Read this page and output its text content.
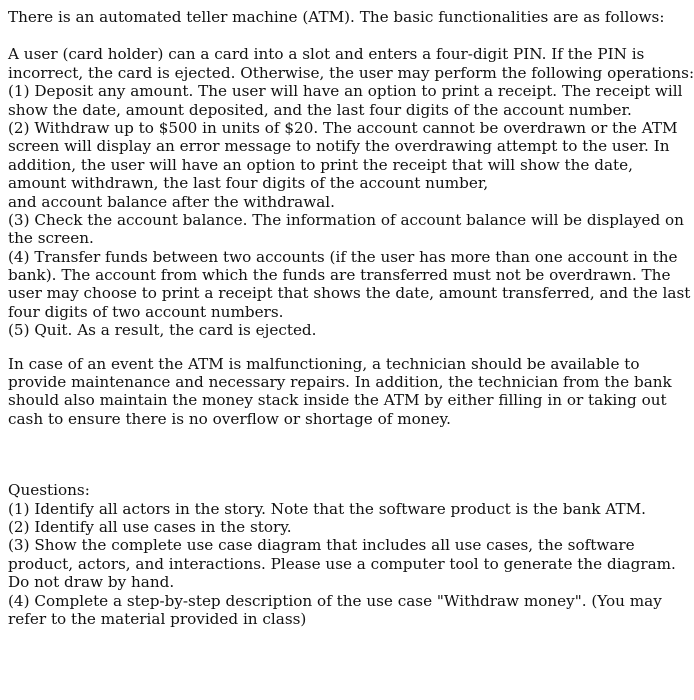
There is an automated teller machine (ATM). The basic functionalities are as follows:
A user (card holder) can a card into a slot and enters a four-digit PIN. If the PIN is
incorrect, the card is ejected. Otherwise, the user may perform the following operations:
(1) Deposit any amount. The user will have an option to print a receipt. The receipt will
show the date, amount deposited, and the last four digits of the account number.
(2) Withdraw up to $500 in units of $20. The account cannot be overdrawn or the ATM
screen will display an error message to notify the overdrawing attempt to the user. In
addition, the user will have an option to print the receipt that will show the date,
amount withdrawn, the last four digits of the account number,
and account balance after the withdrawal.
(3) Check the account balance. The information of account balance will be displayed on
the screen.
(4) Transfer funds between two accounts (if the user has more than one account in the
bank). The account from which the funds are transferred must not be overdrawn. The
user may choose to print a receipt that shows the date, amount transferred, and the last
four digits of two account numbers.
(5) Quit. As a result, the card is ejected.
In case of an event the ATM is malfunctioning, a technician should be available to
provide maintenance and necessary repairs. In addition, the technician from the bank
should also maintain the money stack inside the ATM by either filling in or taking out
cash to ensure there is no overflow or shortage of money.
Questions:
(1) Identify all actors in the story. Note that the software product is the bank ATM.
(2) Identify all use cases in the story.
(3) Show the complete use case diagram that includes all use cases, the software
product, actors, and interactions. Please use a computer tool to generate the diagram.
Do not draw by hand.
(4) Complete a step-by-step description of the use case "Withdraw money". (You may
refer to the material provided in class)
